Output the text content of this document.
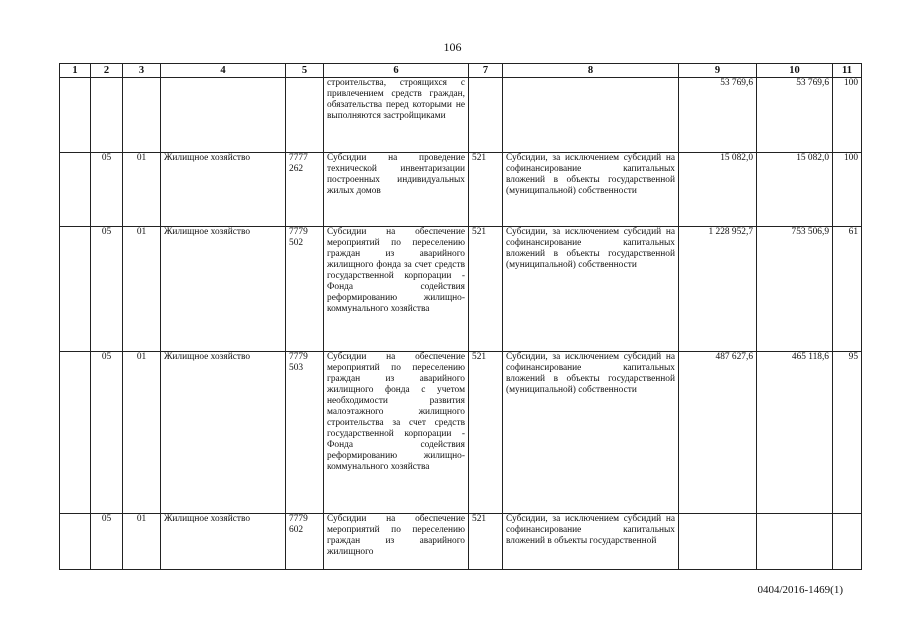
106
1	2	3	4	5	6	7	8	9	10	11
					строительства, строящихся с привлечением средств граждан, обязательства перед которыми не выполняются застройщиками			53 769,6	53 769,6	100
	05	01	Жилищное хозяйство	7777 262	Субсидии на проведение технической инвентаризации построенных индивидуальных жилых домов	521	Субсидии, за исключением субсидий на софинансирование капитальных вложений в объекты государственной (муниципальной) собственности	15 082,0	15 082,0	100
	05	01	Жилищное хозяйство	7779 502	Субсидии на обеспечение мероприятий по переселению граждан из аварийного жилищного фонда за счет средств государственной корпорации - Фонда содействия реформированию жилищно-коммунального хозяйства	521	Субсидии, за исключением субсидий на софинансирование капитальных вложений в объекты государственной (муниципальной) собственности	1 228 952,7	753 506,9	61
	05	01	Жилищное хозяйство	7779 503	Субсидии на обеспечение мероприятий по переселению граждан из аварийного жилищного фонда с учетом необходимости развития малоэтажного жилищного строительства за счет средств государственной корпорации - Фонда содействия реформированию жилищно-коммунального хозяйства	521	Субсидии, за исключением субсидий на софинансирование капитальных вложений в объекты государственной (муниципальной) собственности	487 627,6	465 118,6	95
	05	01	Жилищное хозяйство	7779 602	Субсидии на обеспечение мероприятий по переселению граждан из аварийного жилищного	521	Субсидии, за исключением субсидий на софинансирование капитальных вложений в объекты государственной			
0404/2016-1469(1)
